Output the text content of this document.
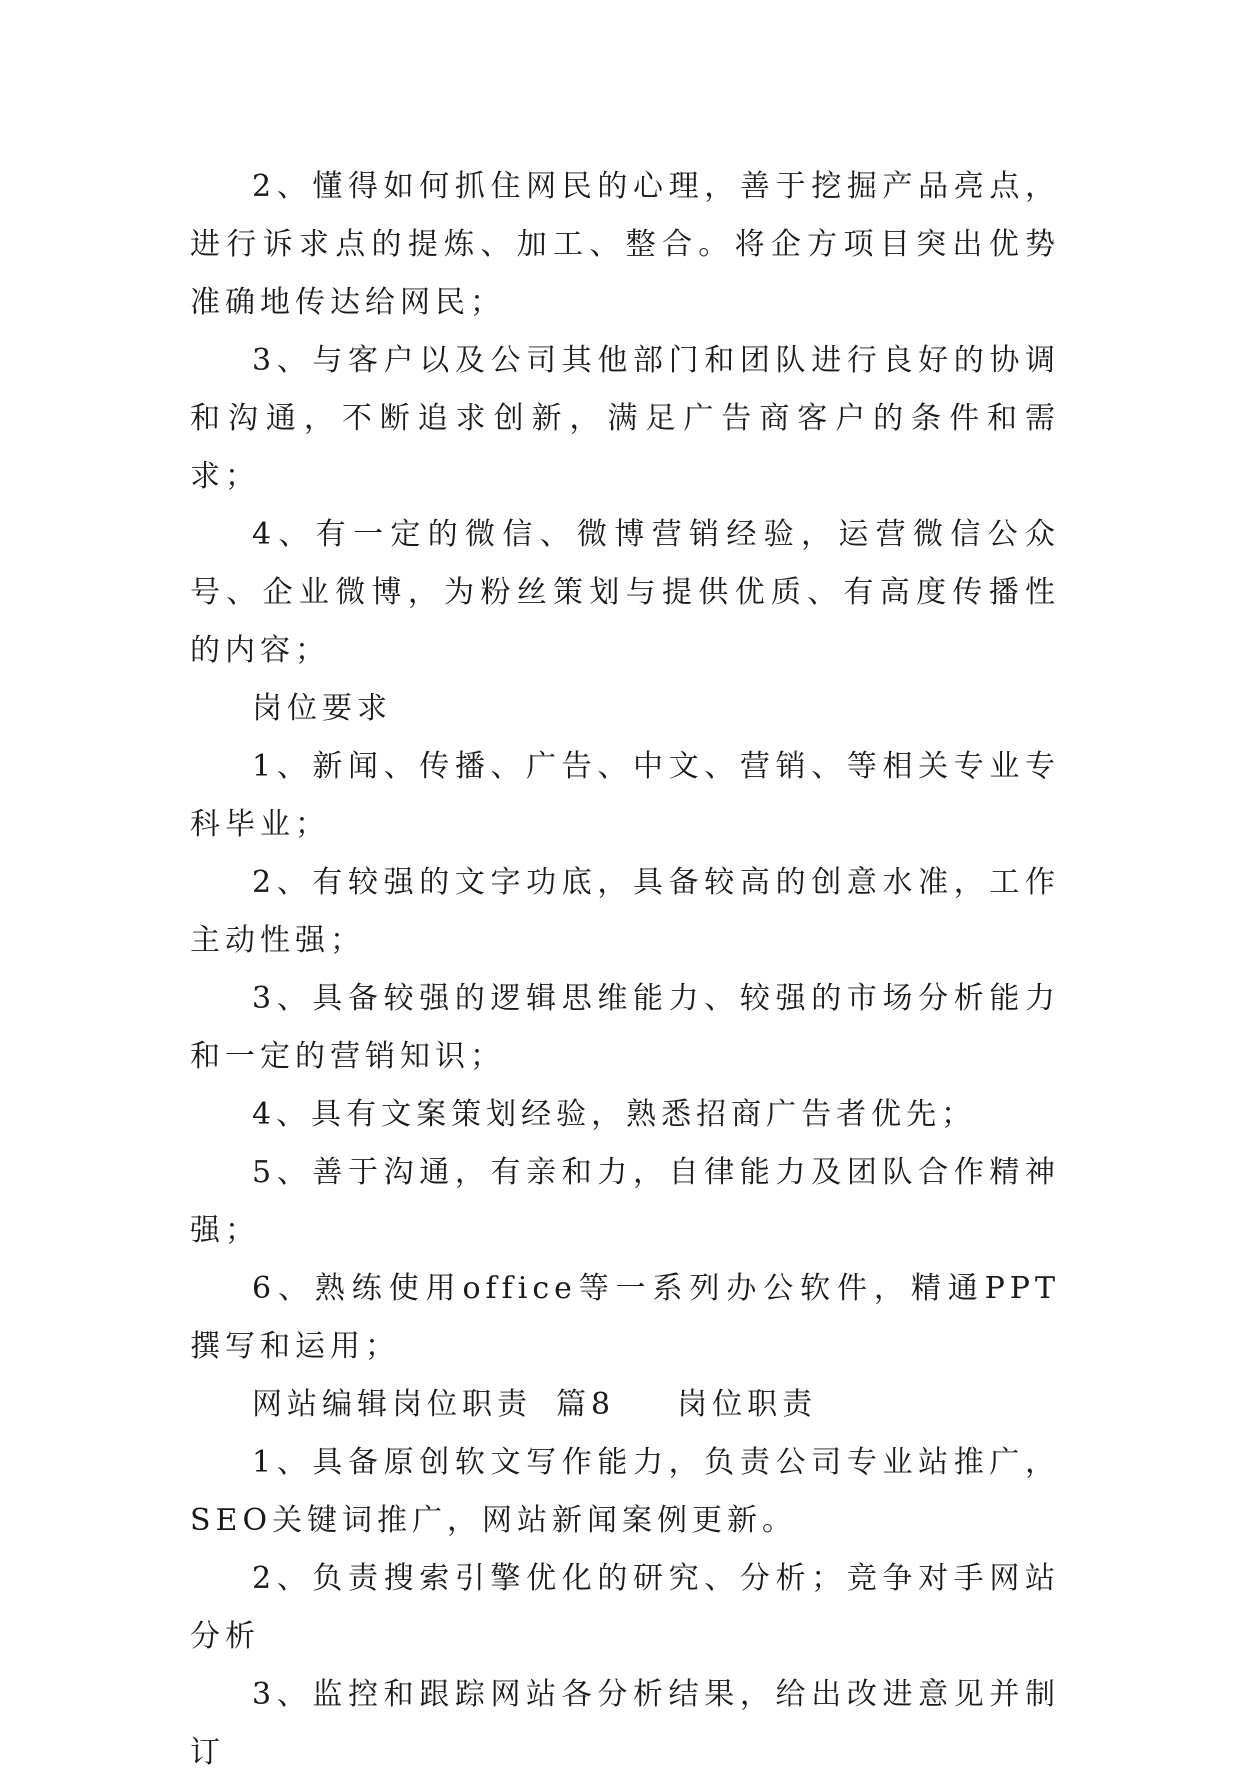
2、懂得如何抓住网民的心理，善于挖掘产品亮点，进行诉求点的提炼、加工、整合。将企方项目突出优势准确地传达给网民；

3、与客户以及公司其他部门和团队进行良好的协调和沟通，不断追求创新，满足广告商客户的条件和需求；

4、有一定的微信、微博营销经验，运营微信公众号、企业微博，为粉丝策划与提供优质、有高度传播性的内容；

岗位要求

1、新闻、传播、广告、中文、营销、等相关专业专科毕业；

2、有较强的文字功底，具备较高的创意水准，工作主动性强；

3、具备较强的逻辑思维能力、较强的市场分析能力和一定的营销知识；

4、具有文案策划经验，熟悉招商广告者优先；

5、善于沟通，有亲和力，自律能力及团队合作精神强；

6、熟练使用office等一系列办公软件，精通PPT撰写和运用；

网站编辑岗位职责 篇8 岗位职责

1、具备原创软文写作能力，负责公司专业站推广，SEO关键词推广，网站新闻案例更新。

2、负责搜索引擎优化的研究、分析；竞争对手网站分析

3、监控和跟踪网站各分析结果，给出改进意见并制订
